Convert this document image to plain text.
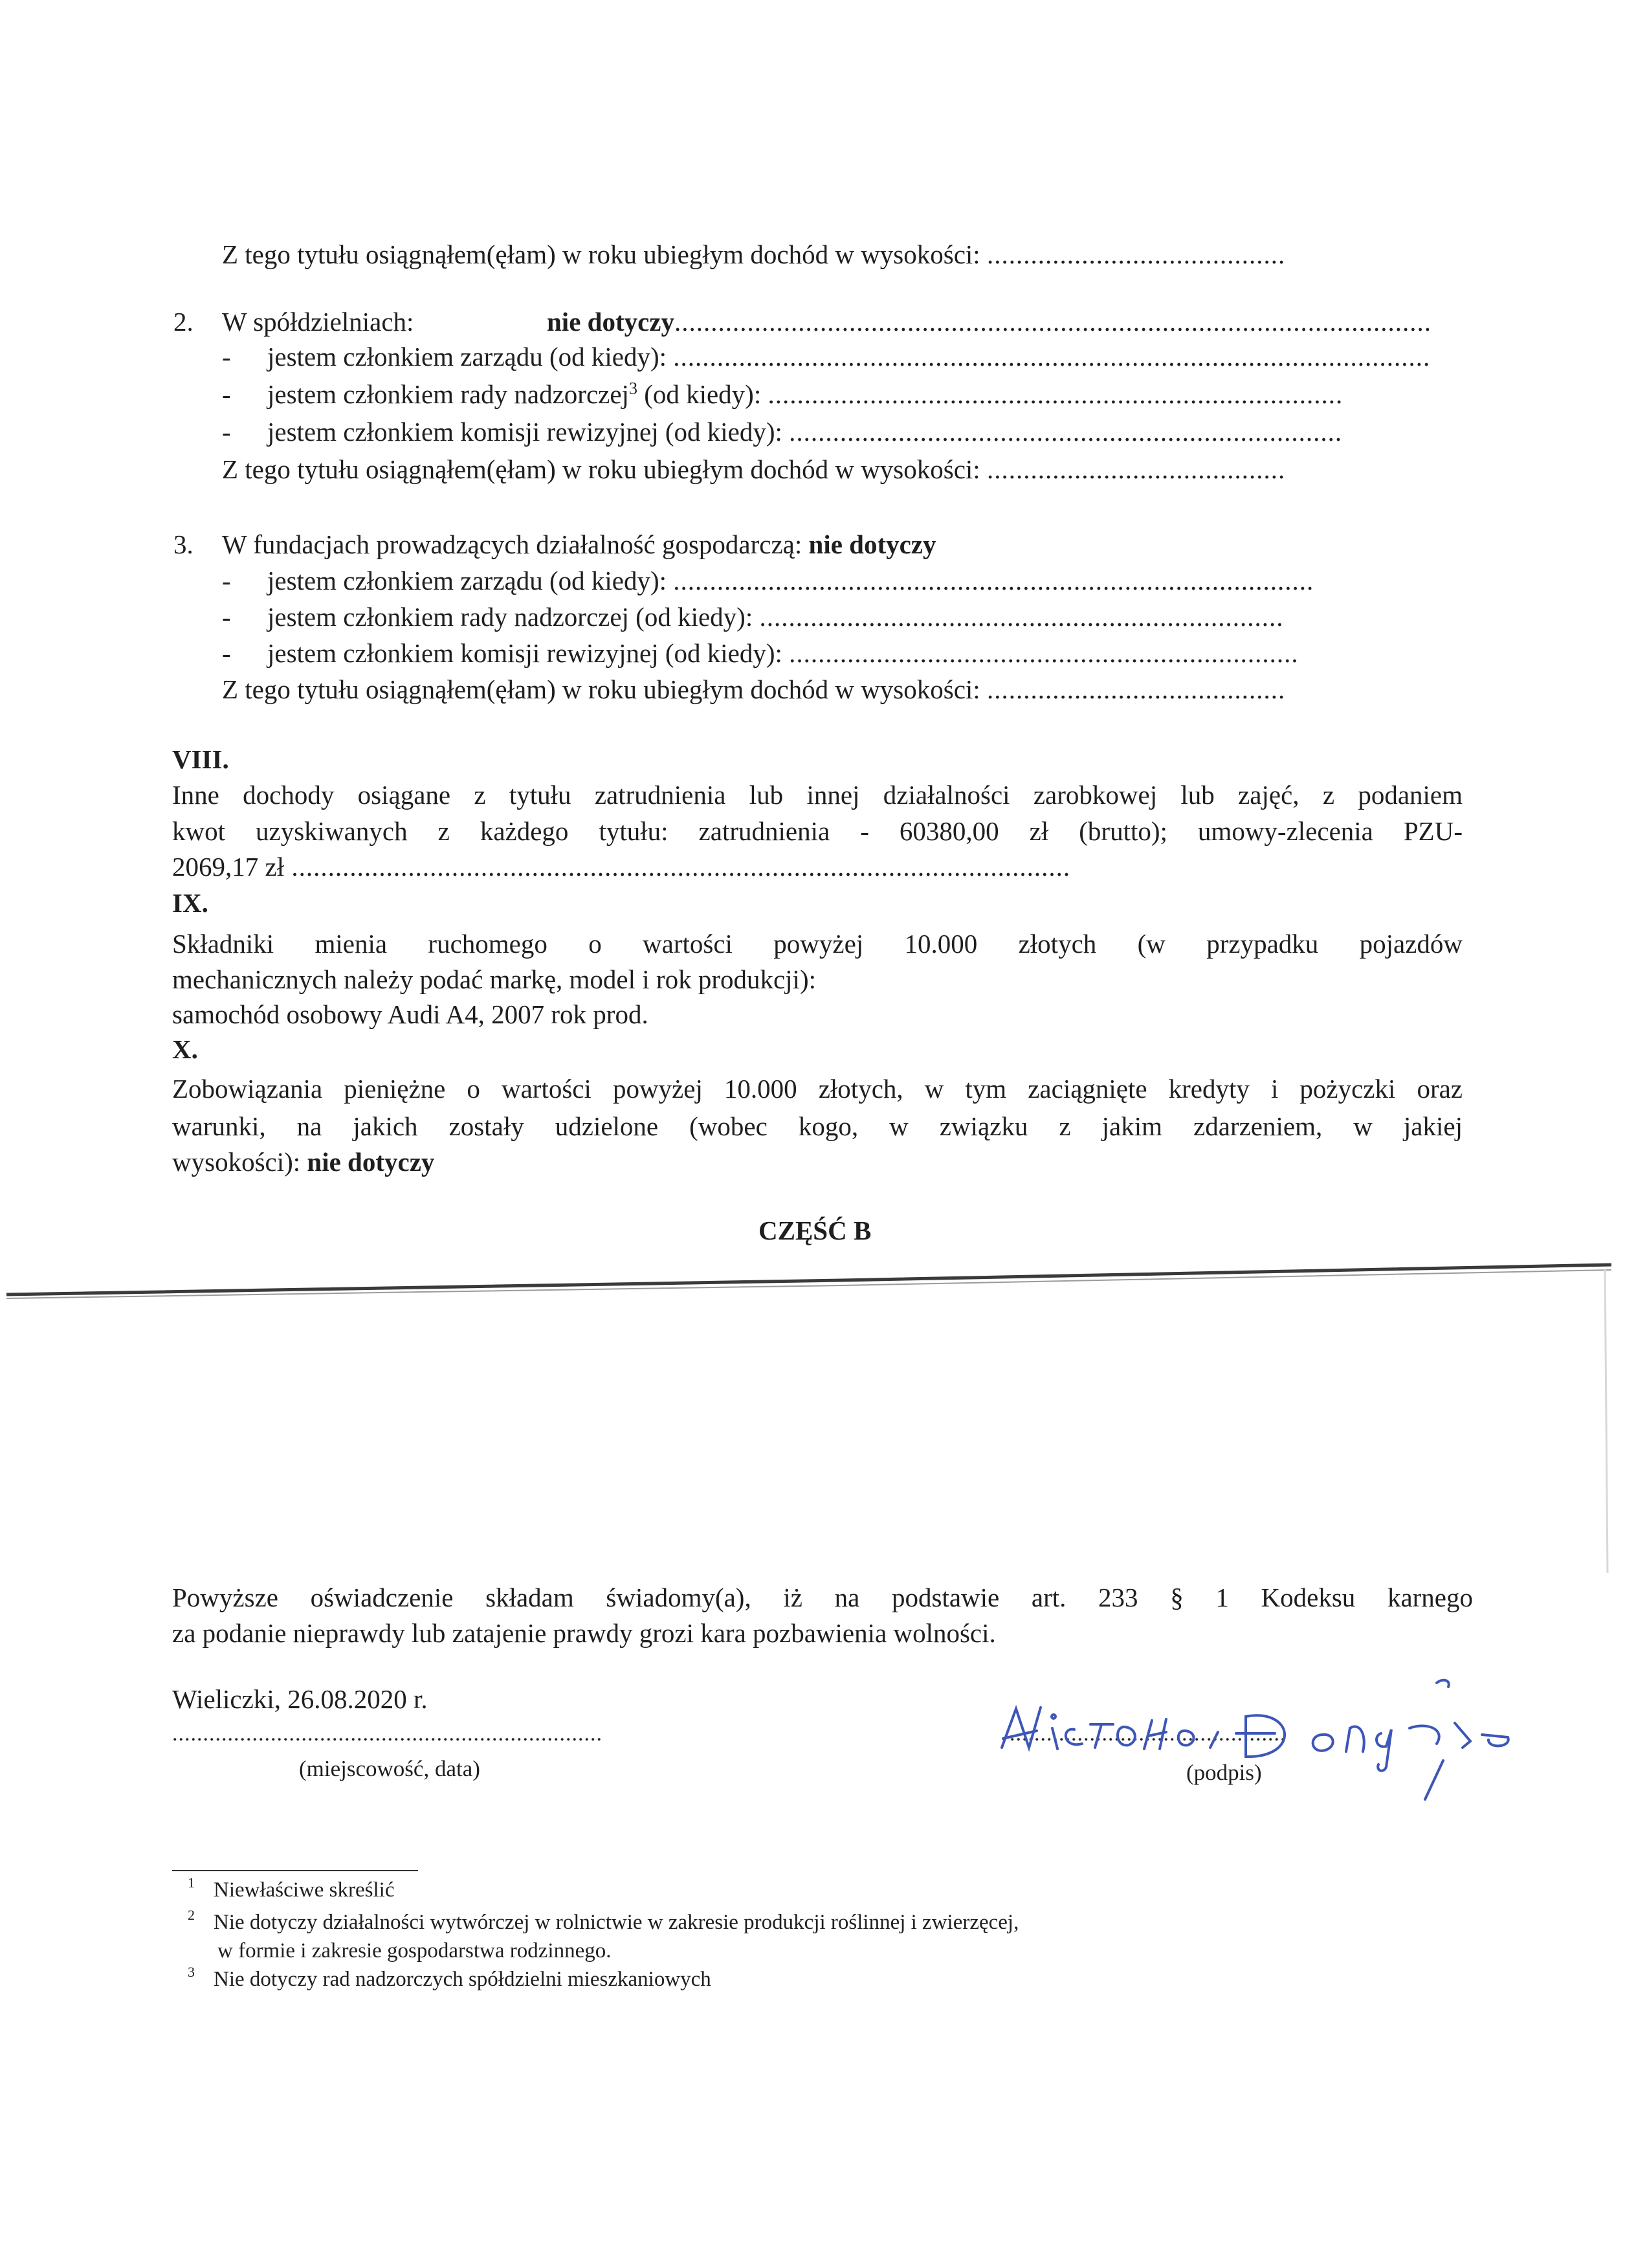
Z tego tytułu osiągnąłem(ęłam) w roku ubiegłym dochód w wysokości: .........................................
2. W spółdzielniach:	nie dotyczy........................................................................................................
- jestem członkiem zarządu (od kiedy): ........................................................................................................
- jestem członkiem rady nadzorczej$^3$ (od kiedy): ...............................................................................
- jestem członkiem komisji rewizyjnej (od kiedy): ............................................................................
Z tego tytułu osiągnąłem(ęłam) w roku ubiegłym dochód w wysokości: .........................................
3. W fundacjach prowadzących działalność gospodarczą: nie dotyczy
- jestem członkiem zarządu (od kiedy): ........................................................................................
- jestem członkiem rady nadzorczej (od kiedy): ........................................................................
- jestem członkiem komisji rewizyjnej (od kiedy): ......................................................................
Z tego tytułu osiągnąłem(ęłam) w roku ubiegłym dochód w wysokości: .........................................
VIII.
Inne dochody osiągane z tytułu zatrudnienia lub innej działalności zarobkowej lub zajęć, z podaniem
kwot uzyskiwanych z każdego tytułu: zatrudnienia - 60380,00 zł (brutto); umowy-zlecenia PZU-
2069,17 zł ...........................................................................................................
IX.
Składniki mienia ruchomego o wartości powyżej 10.000 złotych (w przypadku pojazdów
mechanicznych należy podać markę, model i rok produkcji):
samochód osobowy Audi A4, 2007 rok prod.
X.
Zobowiązania pieniężne o wartości powyżej 10.000 złotych, w tym zaciągnięte kredyty i pożyczki oraz
warunki, na jakich zostały udzielone (wobec kogo, w związku z jakim zdarzeniem, w jakiej
wysokości): nie dotyczy
CZĘŚĆ B
Powyższe oświadczenie składam świadomy(a), iż na podstawie art. 233 § 1 Kodeksu karnego
za podanie nieprawdy lub zatajenie prawdy grozi kara pozbawienia wolności.
Wieliczki, 26.08.2020 r.
......................................................................
(miejscowość, data)
.............................................
(podpis)
1 Niewłaściwe skreślić
2 Nie dotyczy działalności wytwórczej w rolnictwie w zakresie produkcji roślinnej i zwierzęcej,
w formie i zakresie gospodarstwa rodzinnego.
3 Nie dotyczy rad nadzorczych spółdzielni mieszkaniowych
